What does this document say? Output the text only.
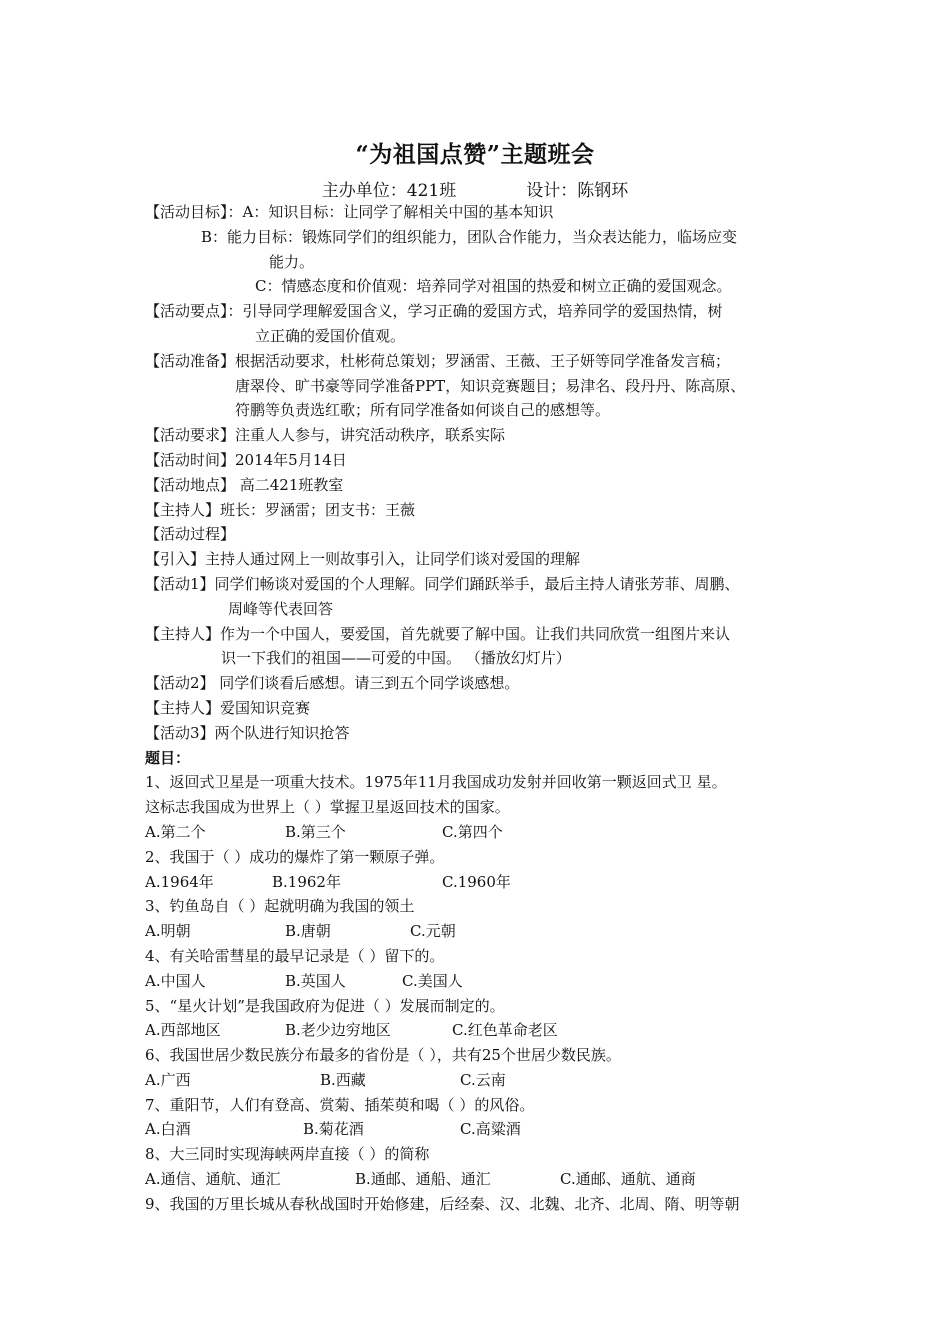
“为祖国点赞”主题班会
主办单位：421班	设计：陈钢环
【活动目标】：A：知识目标：让同学了解相关中国的基本知识
B：能力目标：锻炼同学们的组织能力，团队合作能力，当众表达能力，临场应变
能力。
C：情感态度和价值观：培养同学对祖国的热爱和树立正确的爱国观念。
【活动要点】：引导同学理解爱国含义，学习正确的爱国方式，培养同学的爱国热情，树
立正确的爱国价值观。
【活动准备】根据活动要求，杜彬荷总策划；罗涵雷、王薇、王子妍等同学准备发言稿；
唐翠伶、旷书豪等同学准备PPT，知识竞赛题目；易津名、段丹丹、陈高原、
符鹏等负责选红歌；所有同学准备如何谈自己的感想等。
【活动要求】注重人人参与，讲究活动秩序，联系实际
【活动时间】2014年5月14日
【活动地点】 高二421班教室
【主持人】班长：罗涵雷；团支书：王薇
【活动过程】
【引入】主持人通过网上一则故事引入，让同学们谈对爱国的理解
【活动1】同学们畅谈对爱国的个人理解。同学们踊跃举手，最后主持人请张芳菲、周鹏、
周峰等代表回答
【主持人】作为一个中国人，要爱国，首先就要了解中国。让我们共同欣赏一组图片来认
识一下我们的祖国——可爱的中国。 （播放幻灯片）
【活动2】 同学们谈看后感想。请三到五个同学谈感想。
【主持人】爱国知识竞赛
【活动3】两个队进行知识抢答
题目：
1、返回式卫星是一项重大技术。1975年11月我国成功发射并回收第一颗返回式卫 星。
这标志我国成为世界上（ ）掌握卫星返回技术的国家。
A.第二个	B.第三个	C.第四个
2、我国于（ ）成功的爆炸了第一颗原子弹。
A.1964年	B.1962年	C.1960年
3、钓鱼岛自（ ）起就明确为我国的领土
A.明朝	B.唐朝	C.元朝
4、有关哈雷彗星的最早记录是（ ）留下的。
A.中国人	B.英国人	C.美国人
5、“星火计划”是我国政府为促进（ ）发展而制定的。
A.西部地区	B.老少边穷地区	C.红色革命老区
6、我国世居少数民族分布最多的省份是（ ），共有25个世居少数民族。
A.广西	B.西藏	C.云南
7、重阳节，人们有登高、赏菊、插茱萸和喝（ ）的风俗。
A.白酒	B.菊花酒	C.高粱酒
8、大三同时实现海峡两岸直接（ ）的简称
A.通信、通航、通汇	B.通邮、通船、通汇	C.通邮、通航、通商
9、我国的万里长城从春秋战国时开始修建，后经秦、汉、北魏、北齐、北周、隋、明等朝
